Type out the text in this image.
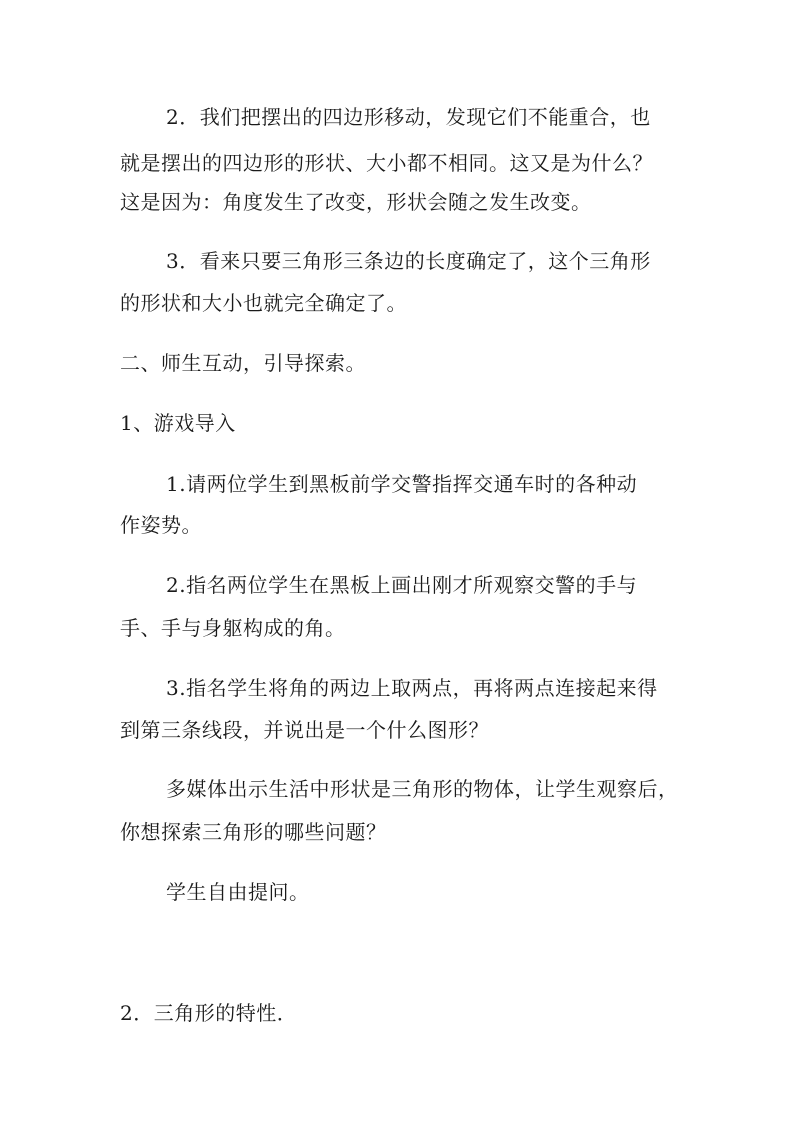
2．我们把摆出的四边形移动，发现它们不能重合，也
就是摆出的四边形的形状、大小都不相同。这又是为什么？
这是因为：角度发生了改变，形状会随之发生改变。
3．看来只要三角形三条边的长度确定了，这个三角形
的形状和大小也就完全确定了。
二、师生互动，引导探索。
1、游戏导入
1.请两位学生到黑板前学交警指挥交通车时的各种动
作姿势。
2.指名两位学生在黑板上画出刚才所观察交警的手与
手、手与身躯构成的角。
3.指名学生将角的两边上取两点，再将两点连接起来得
到第三条线段，并说出是一个什么图形？
多媒体出示生活中形状是三角形的物体，让学生观察后，
你想探索三角形的哪些问题？
学生自由提问。
2．三角形的特性．
